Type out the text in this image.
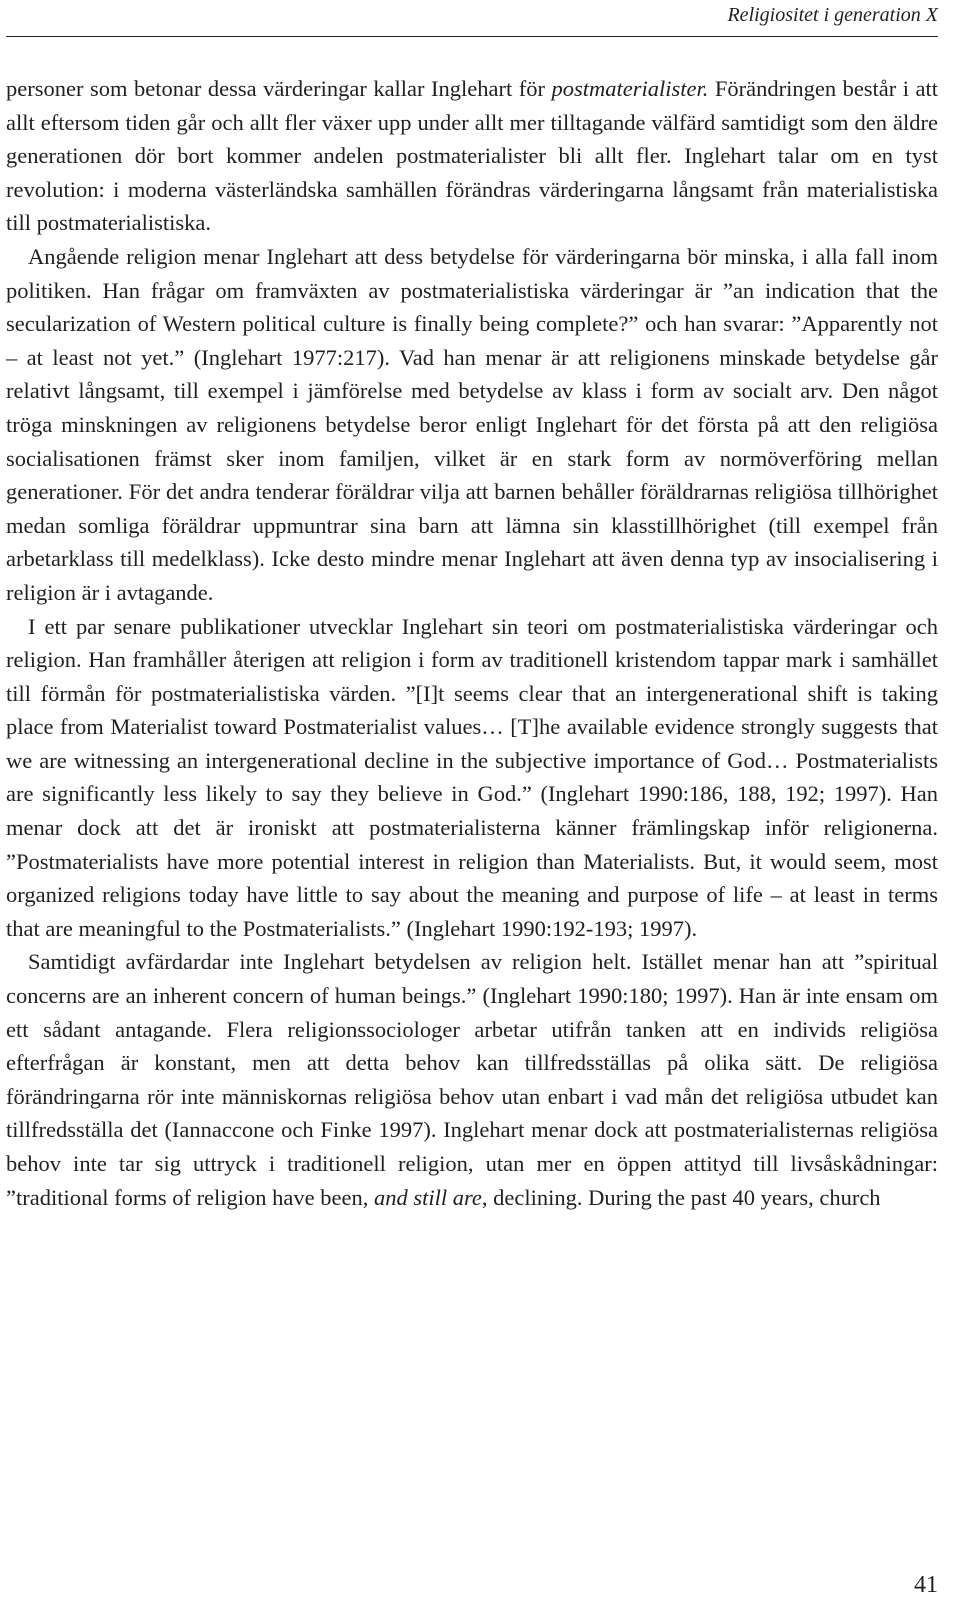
Religiositet i generation X

personer som betonar dessa värderingar kallar Inglehart för postmaterialister. Förändringen består i att allt eftersom tiden går och allt fler växer upp under allt mer tilltagande välfärd samtidigt som den äldre generationen dör bort kommer andelen postmaterialister bli allt fler. Inglehart talar om en tyst revolution: i moderna västerländska samhällen förändras värderingarna långsamt från materialistiska till postmaterialistiska.

Angående religion menar Inglehart att dess betydelse för värderingarna bör minska, i alla fall inom politiken. Han frågar om framväxten av postmaterialistiska värderingar är ”an indication that the secularization of Western political culture is finally being complete?” och han svarar: ”Apparently not – at least not yet.” (Inglehart 1977:217). Vad han menar är att religionens minskade betydelse går relativt långsamt, till exempel i jämförelse med betydelse av klass i form av socialt arv. Den något tröga minskningen av religionens betydelse beror enligt Inglehart för det första på att den religiösa socialisationen främst sker inom familjen, vilket är en stark form av normöverföring mellan generationer. För det andra tenderar föräldrar vilja att barnen behåller föräldrarnas religiösa tillhörighet medan somliga föräldrar uppmuntrar sina barn att lämna sin klasstillhörighet (till exempel från arbetarklass till medelklass). Icke desto mindre menar Inglehart att även denna typ av insocialisering i religion är i avtagande.

I ett par senare publikationer utvecklar Inglehart sin teori om postmaterialistiska värderingar och religion. Han framhåller återigen att religion i form av traditionell kristendom tappar mark i samhället till förmån för postmaterialistiska värden. ”[I]t seems clear that an intergenerational shift is taking place from Materialist toward Postmaterialist values… [T]he available evidence strongly suggests that we are witnessing an intergenerational decline in the subjective importance of God… Postmaterialists are significantly less likely to say they believe in God.” (Inglehart 1990:186, 188, 192; 1997). Han menar dock att det är ironiskt att postmaterialisterna känner främlingskap inför religionerna. ”Postmaterialists have more potential interest in religion than Materialists. But, it would seem, most organized religions today have little to say about the meaning and purpose of life – at least in terms that are meaningful to the Postmaterialists.” (Inglehart 1990:192-193; 1997).

Samtidigt avfärdardar inte Inglehart betydelsen av religion helt. Istället menar han att ”spiritual concerns are an inherent concern of human beings.” (Inglehart 1990:180; 1997). Han är inte ensam om ett sådant antagande. Flera religionssociologer arbetar utifrån tanken att en individs religiösa efterfrågan är konstant, men att detta behov kan tillfredsställas på olika sätt. De religiösa förändringarna rör inte människornas religiösa behov utan enbart i vad mån det religiösa utbudet kan tillfredsställa det (Iannaccone och Finke 1997). Inglehart menar dock att postmaterialisternas religiösa behov inte tar sig uttryck i traditionell religion, utan mer en öppen attityd till livsåskådningar: ”traditional forms of religion have been, and still are, declining. During the past 40 years, church

41
